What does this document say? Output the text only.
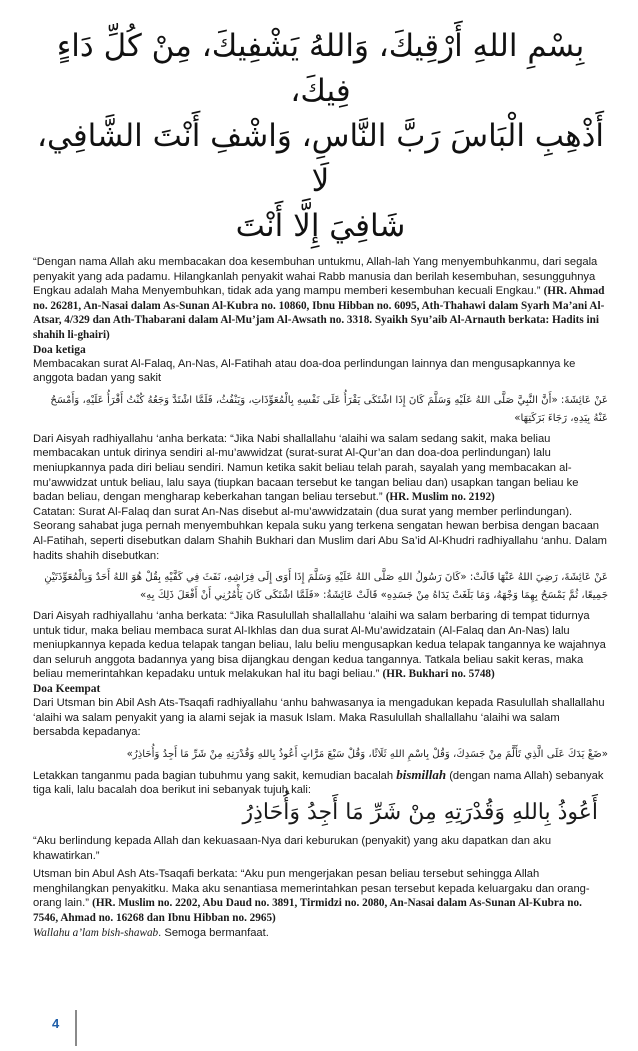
بِسْمِ اللهِ أَرْقِيكَ، وَاللهُ يَشْفِيكَ، مِنْ كُلِّ دَاءٍ فِيكَ،
أَذْهِبِ الْبَاسَ رَبَّ النَّاسِ، وَاشْفِ أَنْتَ الشَّافِي، لَا
شَافِيَ إِلَّا أَنْتَ

“Dengan nama Allah aku membacakan doa kesembuhan untukmu, Allah-lah Yang menyembuhkanmu, dari segala penyakit yang ada padamu. Hilangkanlah penyakit wahai Rabb manusia dan berilah kesembuhan, sesungguhnya Engkau adalah Maha Menyembuhkan, tidak ada yang mampu memberi kesembuhan kecuali Engkau.” (HR. Ahmad no. 26281, An-Nasai dalam As-Sunan Al-Kubra no. 10860, Ibnu Hibban no. 6095, Ath-Thahawi dalam Syarh Ma’ani Al-Atsar, 4/329 dan Ath-Thabarani dalam Al-Mu’jam Al-Awsath no. 3318. Syaikh Syu’aib Al-Arnauth berkata: Hadits ini shahih li-ghairi)

Doa ketiga

Membacakan surat Al-Falaq, An-Nas, Al-Fatihah atau doa-doa perlindungan lainnya dan mengusapkannya ke anggota badan yang sakit

عَنْ عَائِشَةَ: «أَنَّ النَّبِيَّ صَلَّى اللهُ عَلَيْهِ وَسَلَّمَ كَانَ إِذَا اشْتَكَى يَقْرَأُ عَلَى نَفْسِهِ بِالْمُعَوِّذَاتِ، وَيَنْفُثُ، فَلَمَّا اشْتَدَّ وَجَعُهُ كُنْتُ أَقْرَأُ عَلَيْهِ، وَأَمْسَحُ عَنْهُ بِيَدِهِ، رَجَاءَ بَرَكَتِهَا»

Dari Aisyah radhiyallahu ‘anha berkata: “Jika Nabi shallallahu ‘alaihi wa salam sedang sakit, maka beliau membacakan untuk dirinya sendiri al-mu’awwidzat (surat-surat Al-Qur’an dan doa-doa perlindungan) lalu meniupkannya pada diri beliau sendiri. Namun ketika sakit beliau telah parah, sayalah yang membacakan al-mu’awwidzat untuk beliau, lalu saya (tiupkan bacaan tersebut ke tangan beliau dan) usapkan tangan beliau ke badan beliau, dengan mengharap keberkahan tangan beliau tersebut.” (HR. Muslim no. 2192)

Catatan: Surat Al-Falaq dan surat An-Nas disebut al-mu’awwidzatain (dua surat yang member perlindungan). Seorang sahabat juga pernah menyembuhkan kepala suku yang terkena sengatan hewan berbisa dengan bacaan Al-Fatihah, seperti disebutkan dalam Shahih Bukhari dan Muslim dari Abu Sa’id Al-Khudri radhiyallahu ‘anhu. Dalam hadits shahih disebutkan:

عَنْ عَائِشَةَ، رَضِيَ اللهُ عَنْهَا قَالَتْ: «كَانَ رَسُولُ اللهِ صَلَّى اللهُ عَلَيْهِ وَسَلَّمَ إِذَا أَوَى إِلَى فِرَاشِهِ، نَفَثَ فِي كَفَّيْهِ بِقُلْ هُوَ اللهُ أَحَدٌ وَبِالْمُعَوِّذَتَيْنِ جَمِيعًا، ثُمَّ يَمْسَحُ بِهِمَا وَجْهَهُ، وَمَا بَلَغَتْ يَدَاهُ مِنْ جَسَدِهِ» قَالَتْ عَائِشَةُ: «فَلَمَّا اشْتَكَى كَانَ يَأْمُرُنِي أَنْ أَفْعَلَ ذَلِكَ بِهِ»

Dari Aisyah radhiyallahu ‘anha berkata: “Jika Rasulullah shallallahu ‘alaihi wa salam berbaring di tempat tidurnya untuk tidur, maka beliau membaca surat Al-Ikhlas dan dua surat Al-Mu’awidzatain (Al-Falaq dan An-Nas) lalu meniupkannya kepada kedua telapak tangan beliau, lalu beliu mengusapkan kedua telapak tangannya ke wajahnya dan seluruh anggota badannya yang bisa dijangkau dengan kedua tangannya. Tatkala beliau sakit keras, maka beliau memerintahkan kepadaku untuk melakukan hal itu bagi beliau.” (HR. Bukhari no. 5748)

Doa Keempat

Dari Utsman bin Abil Ash Ats-Tsaqafi radhiyallahu ‘anhu bahwasanya ia mengadukan kepada Rasulullah shallallahu ‘alaihi wa salam penyakit yang ia alami sejak ia masuk Islam. Maka Rasulullah shallallahu ‘alaihi wa salam bersabda kepadanya:

«ضَعْ يَدَكَ عَلَى الَّذِي تَأَلَّمَ مِنْ جَسَدِكَ، وَقُلْ بِاسْمِ اللهِ ثَلَاثًا، وَقُلْ سَبْعَ مَرَّاتٍ أَعُوذُ بِاللهِ وَقُدْرَتِهِ مِنْ شَرِّ مَا أَجِدُ وَأُحَاذِرُ»

Letakkan tanganmu pada bagian tubuhmu yang sakit, kemudian bacalah bismillah (dengan nama Allah) sebanyak tiga kali, lalu bacalah doa berikut ini sebanyak tujuh kali:

أَعُوذُ بِاللهِ وَقُدْرَتِهِ مِنْ شَرِّ مَا أَجِدُ وَأُحَاذِرُ

“Aku berlindung kepada Allah dan kekuasaan-Nya dari keburukan (penyakit) yang aku dapatkan dan aku khawatirkan.”

Utsman bin Abul Ash Ats-Tsaqafi berkata: “Aku pun mengerjakan pesan beliau tersebut sehingga Allah menghilangkan penyakitku. Maka aku senantiasa memerintahkan pesan tersebut kepada keluargaku dan orang-orang lain.” (HR. Muslim no. 2202, Abu Daud no. 3891, Tirmidzi no. 2080, An-Nasai dalam As-Sunan Al-Kubra no. 7546, Ahmad no. 16268 dan Ibnu Hibban no. 2965)

Wallahu a’lam bish-shawab. Semoga bermanfaat.

4
